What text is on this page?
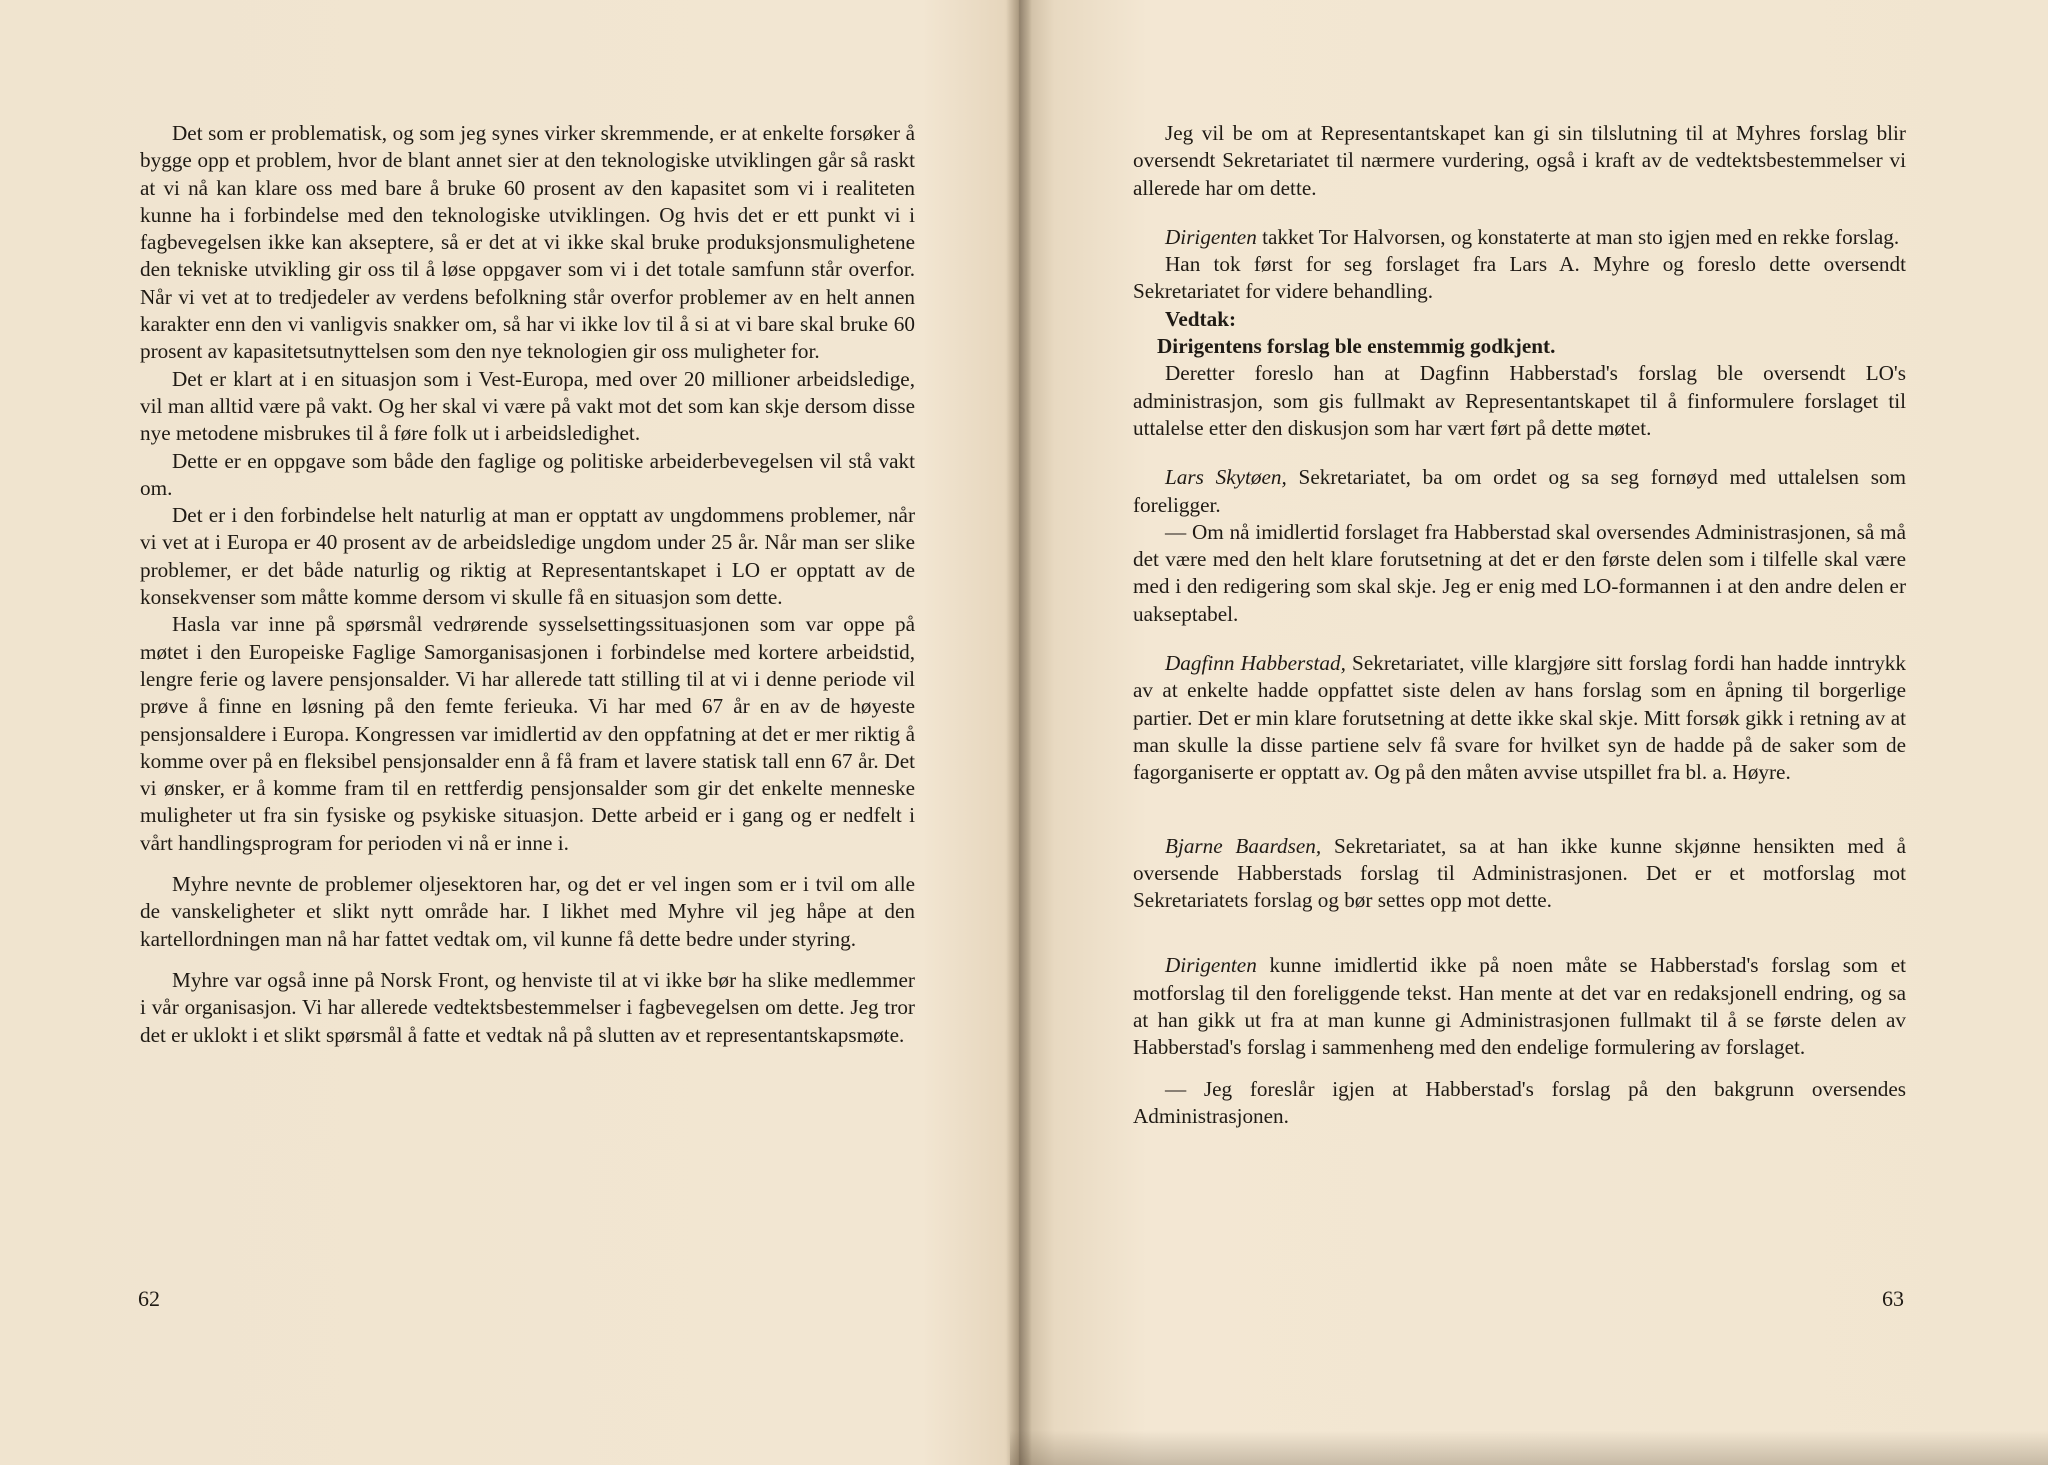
Det som er problematisk, og som jeg synes virker skremmende, er at enkelte forsøker å bygge opp et problem, hvor de blant annet sier at den teknologiske utviklingen går så raskt at vi nå kan klare oss med bare å bruke 60 prosent av den kapasitet som vi i realiteten kunne ha i forbindelse med den teknologiske utviklingen. Og hvis det er ett punkt vi i fagbevegelsen ikke kan akseptere, så er det at vi ikke skal bruke produksjonsmulighetene den tekniske utvikling gir oss til å løse oppgaver som vi i det totale samfunn står overfor. Når vi vet at to tredjedeler av verdens befolkning står overfor problemer av en helt annen karakter enn den vi vanligvis snakker om, så har vi ikke lov til å si at vi bare skal bruke 60 prosent av kapasitetsutnyttelsen som den nye teknologien gir oss muligheter for.

Det er klart at i en situasjon som i Vest-Europa, med over 20 millioner arbeidsledige, vil man alltid være på vakt. Og her skal vi være på vakt mot det som kan skje dersom disse nye metodene misbrukes til å føre folk ut i arbeidsledighet.

Dette er en oppgave som både den faglige og politiske arbeiderbevegelsen vil stå vakt om.

Det er i den forbindelse helt naturlig at man er opptatt av ungdommens problemer, når vi vet at i Europa er 40 prosent av de arbeidsledige ungdom under 25 år. Når man ser slike problemer, er det både naturlig og riktig at Representantskapet i LO er opptatt av de konsekvenser som måtte komme dersom vi skulle få en situasjon som dette.

Hasla var inne på spørsmål vedrørende sysselsettingssituasjonen som var oppe på møtet i den Europeiske Faglige Samorganisasjonen i forbindelse med kortere arbeidstid, lengre ferie og lavere pensjonsalder. Vi har allerede tatt stilling til at vi i denne periode vil prøve å finne en løsning på den femte ferieuka. Vi har med 67 år en av de høyeste pensjonsaldere i Europa. Kongressen var imidlertid av den oppfatning at det er mer riktig å komme over på en fleksibel pensjonsalder enn å få fram et lavere statisk tall enn 67 år. Det vi ønsker, er å komme fram til en rettferdig pensjonsalder som gir det enkelte menneske muligheter ut fra sin fysiske og psykiske situasjon. Dette arbeid er i gang og er nedfelt i vårt handlingsprogram for perioden vi nå er inne i.

Myhre nevnte de problemer oljesektoren har, og det er vel ingen som er i tvil om alle de vanskeligheter et slikt nytt område har. I likhet med Myhre vil jeg håpe at den kartellordningen man nå har fattet vedtak om, vil kunne få dette bedre under styring.

Myhre var også inne på Norsk Front, og henviste til at vi ikke bør ha slike medlemmer i vår organisasjon. Vi har allerede vedtektsbestemmelser i fagbevegelsen om dette. Jeg tror det er uklokt i et slikt spørsmål å fatte et vedtak nå på slutten av et representantskapsmøte.

62

Jeg vil be om at Representantskapet kan gi sin tilslutning til at Myhres forslag blir oversendt Sekretariatet til nærmere vurdering, også i kraft av de vedtektsbestemmelser vi allerede har om dette.

Dirigenten takket Tor Halvorsen, og konstaterte at man sto igjen med en rekke forslag.

Han tok først for seg forslaget fra Lars A. Myhre og foreslo dette oversendt Sekretariatet for videre behandling.

Vedtak:

Dirigentens forslag ble enstemmig godkjent.

Deretter foreslo han at Dagfinn Habberstad's forslag ble oversendt LO's administrasjon, som gis fullmakt av Representantskapet til å finformulere forslaget til uttalelse etter den diskusjon som har vært ført på dette møtet.

Lars Skytøen, Sekretariatet, ba om ordet og sa seg fornøyd med uttalelsen som foreligger.

— Om nå imidlertid forslaget fra Habberstad skal oversendes Administrasjonen, så må det være med den helt klare forutsetning at det er den første delen som i tilfelle skal være med i den redigering som skal skje. Jeg er enig med LO-formannen i at den andre delen er uakseptabel.

Dagfinn Habberstad, Sekretariatet, ville klargjøre sitt forslag fordi han hadde inntrykk av at enkelte hadde oppfattet siste delen av hans forslag som en åpning til borgerlige partier. Det er min klare forutsetning at dette ikke skal skje. Mitt forsøk gikk i retning av at man skulle la disse partiene selv få svare for hvilket syn de hadde på de saker som de fagorganiserte er opptatt av. Og på den måten avvise utspillet fra bl. a. Høyre.

Bjarne Baardsen, Sekretariatet, sa at han ikke kunne skjønne hensikten med å oversende Habberstads forslag til Administrasjonen. Det er et motforslag mot Sekretariatets forslag og bør settes opp mot dette.

Dirigenten kunne imidlertid ikke på noen måte se Habberstad's forslag som et motforslag til den foreliggende tekst. Han mente at det var en redaksjonell endring, og sa at han gikk ut fra at man kunne gi Administrasjonen fullmakt til å se første delen av Habberstad's forslag i sammenheng med den endelige formulering av forslaget.

— Jeg foreslår igjen at Habberstad's forslag på den bakgrunn oversendes Administrasjonen.

63
